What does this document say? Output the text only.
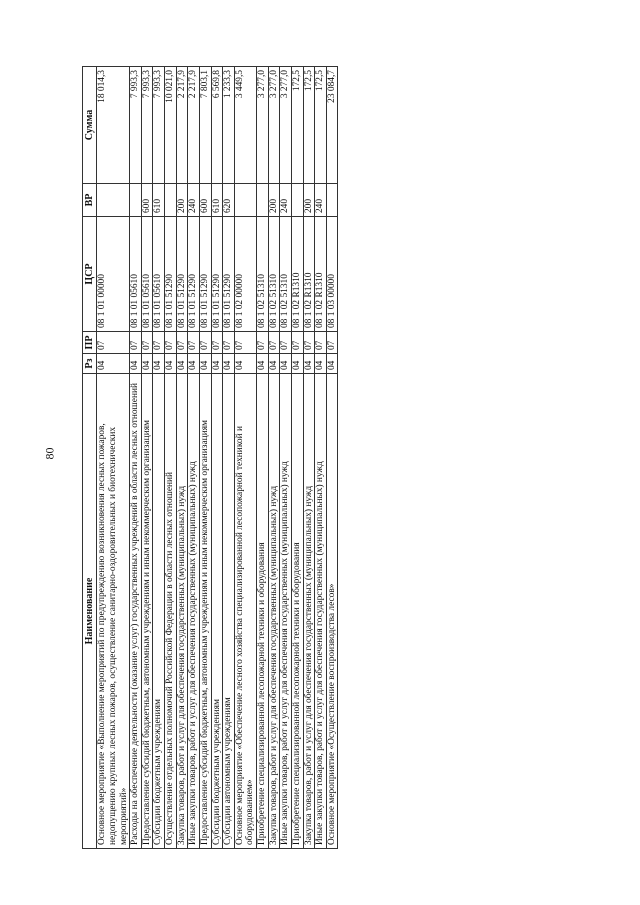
80
Наименование	Рз	ПР	ЦСР	ВР	Сумма
Основное мероприятие «Выполнение мероприятий по предупреждению возникновения лесных пожаров, недопущению крупных лесных пожаров, осуществление санитарно-оздоровительных и биотехнических мероприятий»	04	07	08 1 01 00000		18 014,3
Расходы на обеспечение деятельности (оказание услуг) государственных учреждений в области лесных отношений	04	07	08 1 01 05610		7 993,3
Предоставление субсидий бюджетным, автономным учреждениям и иным некоммерческим организациям	04	07	08 1 01 05610	600	7 993,3
Субсидии бюджетным учреждениям	04	07	08 1 01 05610	610	7 993,3
Осуществление отдельных полномочий Российской Федерации в области лесных отношений	04	07	08 1 01 51290		10 021,0
Закупка товаров, работ и услуг для обеспечения государственных (муниципальных) нужд	04	07	08 1 01 51290	200	2 217,9
Иные закупки товаров, работ и услуг для обеспечения государственных (муниципальных) нужд	04	07	08 1 01 51290	240	2 217,9
Предоставление субсидий бюджетным, автономным учреждениям и иным некоммерческим организациям	04	07	08 1 01 51290	600	7 803,1
Субсидии бюджетным учреждениям	04	07	08 1 01 51290	610	6 569,8
Субсидии автономным учреждениям	04	07	08 1 01 51290	620	1 233,3
Основное мероприятие «Обеспечение лесного хозяйства специализированной лесопожарной техникой и оборудованием»	04	07	08 1 02 00000		3 449,5
Приобретение специализированной лесопожарной техники и оборудования	04	07	08 1 02 51310		3 277,0
Закупка товаров, работ и услуг для обеспечения государственных (муниципальных) нужд	04	07	08 1 02 51310	200	3 277,0
Иные закупки товаров, работ и услуг для обеспечения государственных (муниципальных) нужд	04	07	08 1 02 51310	240	3 277,0
Приобретение специализированной лесопожарной техники и оборудования	04	07	08 1 02 R1310		172,5
Закупка товаров, работ и услуг для обеспечения государственных (муниципальных) нужд	04	07	08 1 02 R1310	200	172,5
Иные закупки товаров, работ и услуг для обеспечения государственных (муниципальных) нужд	04	07	08 1 02 R1310	240	172,5
Основное мероприятие «Осуществление воспроизводства лесов»	04	07	08 1 03 00000		23 084,7
